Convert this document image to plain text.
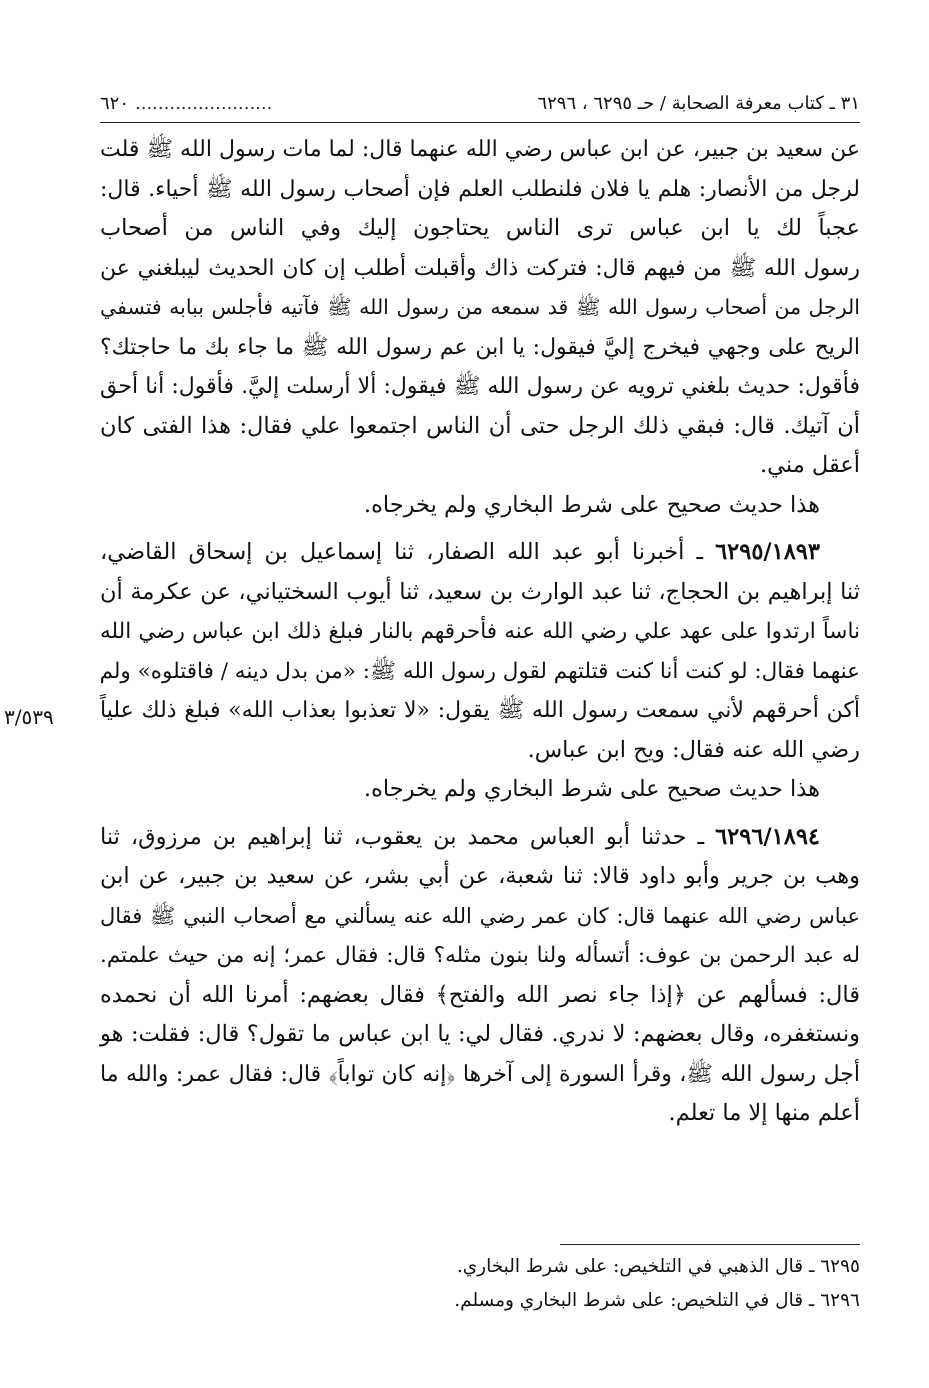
٣١ ـ كتاب معرفة الصحابة / حـ ٦٢٩٥ ، ٦٢٩٦
........................
٦٢٠
عن سعيد بن جبير، عن ابن عباس رضي الله عنهما قال: لما مات رسول الله ﷺ قلت
لرجل من الأنصار: هلم يا فلان فلنطلب العلم فإن أصحاب رسول الله ﷺ أحياء. قال:
عجباً لك يا ابن عباس ترى الناس يحتاجون إليك وفي الناس من أصحاب
رسول الله ﷺ من فيهم قال: فتركت ذاك وأقبلت أطلب إن كان الحديث ليبلغني عن
الرجل من أصحاب رسول الله ﷺ قد سمعه من رسول الله ﷺ فآتيه فأجلس ببابه فتسفي
الريح على وجهي فيخرج إليَّ فيقول: يا ابن عم رسول الله ﷺ ما جاء بك ما حاجتك؟
فأقول: حديث بلغني ترويه عن رسول الله ﷺ فيقول: ألا أرسلت إليَّ. فأقول: أنا أحق
أن آتيك. قال: فبقي ذلك الرجل حتى أن الناس اجتمعوا علي فقال: هذا الفتى كان
أعقل مني.
هذا حديث صحيح على شرط البخاري ولم يخرجاه.
٦٢٩٥/١٨٩٣ ـ أخبرنا أبو عبد الله الصفار، ثنا إسماعيل بن إسحاق القاضي،
ثنا إبراهيم بن الحجاج، ثنا عبد الوارث بن سعيد، ثنا أيوب السختياني، عن عكرمة أن
ناساً ارتدوا على عهد علي رضي الله عنه فأحرقهم بالنار فبلغ ذلك ابن عباس رضي الله
عنهما فقال: لو كنت أنا كنت قتلتهم لقول رسول الله ﷺ: «من بدل دينه / فاقتلوه» ولم
أكن أحرقهم لأني سمعت رسول الله ﷺ يقول: «لا تعذبوا بعذاب الله» فبلغ ذلك علياً
رضي الله عنه فقال: ويح ابن عباس.
هذا حديث صحيح على شرط البخاري ولم يخرجاه.
٦٢٩٦/١٨٩٤ ـ حدثنا أبو العباس محمد بن يعقوب، ثنا إبراهيم بن مرزوق، ثنا
وهب بن جرير وأبو داود قالا: ثنا شعبة، عن أبي بشر، عن سعيد بن جبير، عن ابن
عباس رضي الله عنهما قال: كان عمر رضي الله عنه يسألني مع أصحاب النبي ﷺ فقال
له عبد الرحمن بن عوف: أتسأله ولنا بنون مثله؟ قال: فقال عمر؛ إنه من حيث علمتم.
قال: فسألهم عن ﴿إذا جاء نصر الله والفتح﴾ فقال بعضهم: أمرنا الله أن نحمده
ونستغفره، وقال بعضهم: لا ندري. فقال لي: يا ابن عباس ما تقول؟ قال: فقلت: هو
أجل رسول الله ﷺ، وقرأ السورة إلى آخرها ﴿إنه كان تواباً﴾ قال: فقال عمر: والله ما
أعلم منها إلا ما تعلم.
٣/٥٣٩
٦٢٩٥ ـ قال الذهبي في التلخيص: على شرط البخاري.
٦٢٩٦ ـ قال في التلخيص: على شرط البخاري ومسلم.
